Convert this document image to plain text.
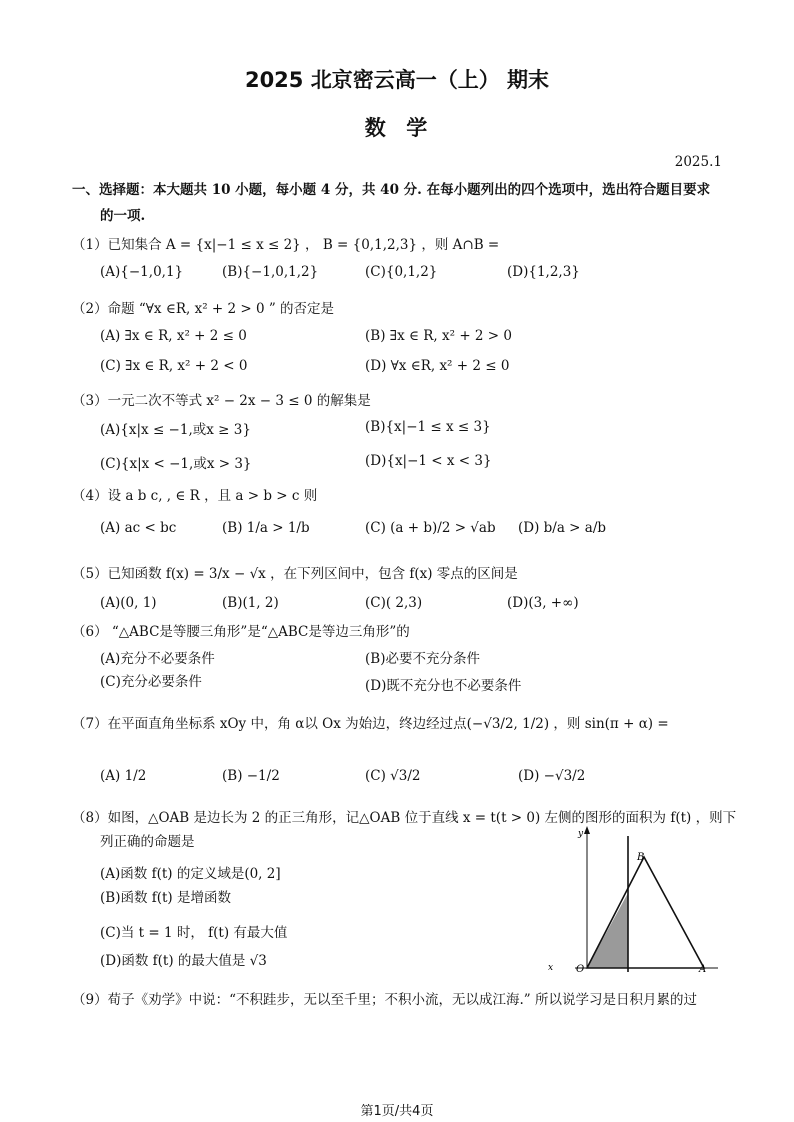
2025 北京密云高一（上） 期末
数  学
2025.1
一、选择题：本大题共 10 小题，每小题 4 分，共 40 分. 在每小题列出的四个选项中，选出符合题目要求
的一项.
（1）已知集合 A = {x|−1 ≤ x ≤ 2} ， B = {0,1,2,3} ，则 A∩B =
(A){−1,0,1}	(B){−1,0,1,2}	(C){0,1,2}	(D){1,2,3}
（2）命题 “∀x ∈R, x² + 2 > 0 ” 的否定是
(A) ∃x ∈ R, x² + 2 ≤ 0	(B) ∃x ∈ R, x² + 2 > 0
(C) ∃x ∈ R, x² + 2 < 0	(D) ∀x ∈R, x² + 2 ≤ 0
（3）一元二次不等式 x² − 2x − 3 ≤ 0 的解集是
(A){x|x ≤ −1,或x ≥ 3}	(B){x|−1 ≤ x ≤ 3}
(C){x|x < −1,或x > 3}	(D){x|−1 < x < 3}
（4）设 a b c, , ∈ R ，且 a > b > c 则
(A) ac < bc	(B) 1/a > 1/b	(C) (a + b)/2 > √ab (D) b/a > a/b
（5）已知函数 f(x) = 3/x − √x ，在下列区间中，包含 f(x) 零点的区间是
(A)(0, 1)	(B)(1, 2)	(C)( 2,3)	(D)(3, +∞)
（6） “△ABC是等腰三角形”是“△ABC是等边三角形”的
(A)充分不必要条件	(B)必要不充分条件
(C)充分必要条件	(D)既不充分也不必要条件
（7）在平面直角坐标系 xOy 中，角 α以 Ox 为始边，终边经过点(−√3/2, 1/2) ，则 sin(π + α) =
(A) 1/2	(B) −1/2	(C) √3/2	(D) −√3/2
（8）如图，△OAB 是边长为 2 的正三角形，记△OAB 位于直线 x = t(t > 0) 左侧的图形的面积为 f(t) ，则下
列正确的命题是
(A)函数 f(t) 的定义域是(0, 2]
(B)函数 f(t) 是增函数
(C)当 t = 1 时， f(t) 有最大值
(D)函数 f(t) 的最大值是 √3
y
x O	A
B
（9）荀子《劝学》中说：“不积跬步，无以至千里；不积小流，无以成江海.” 所以说学习是日积月累的过
第1页/共4页
